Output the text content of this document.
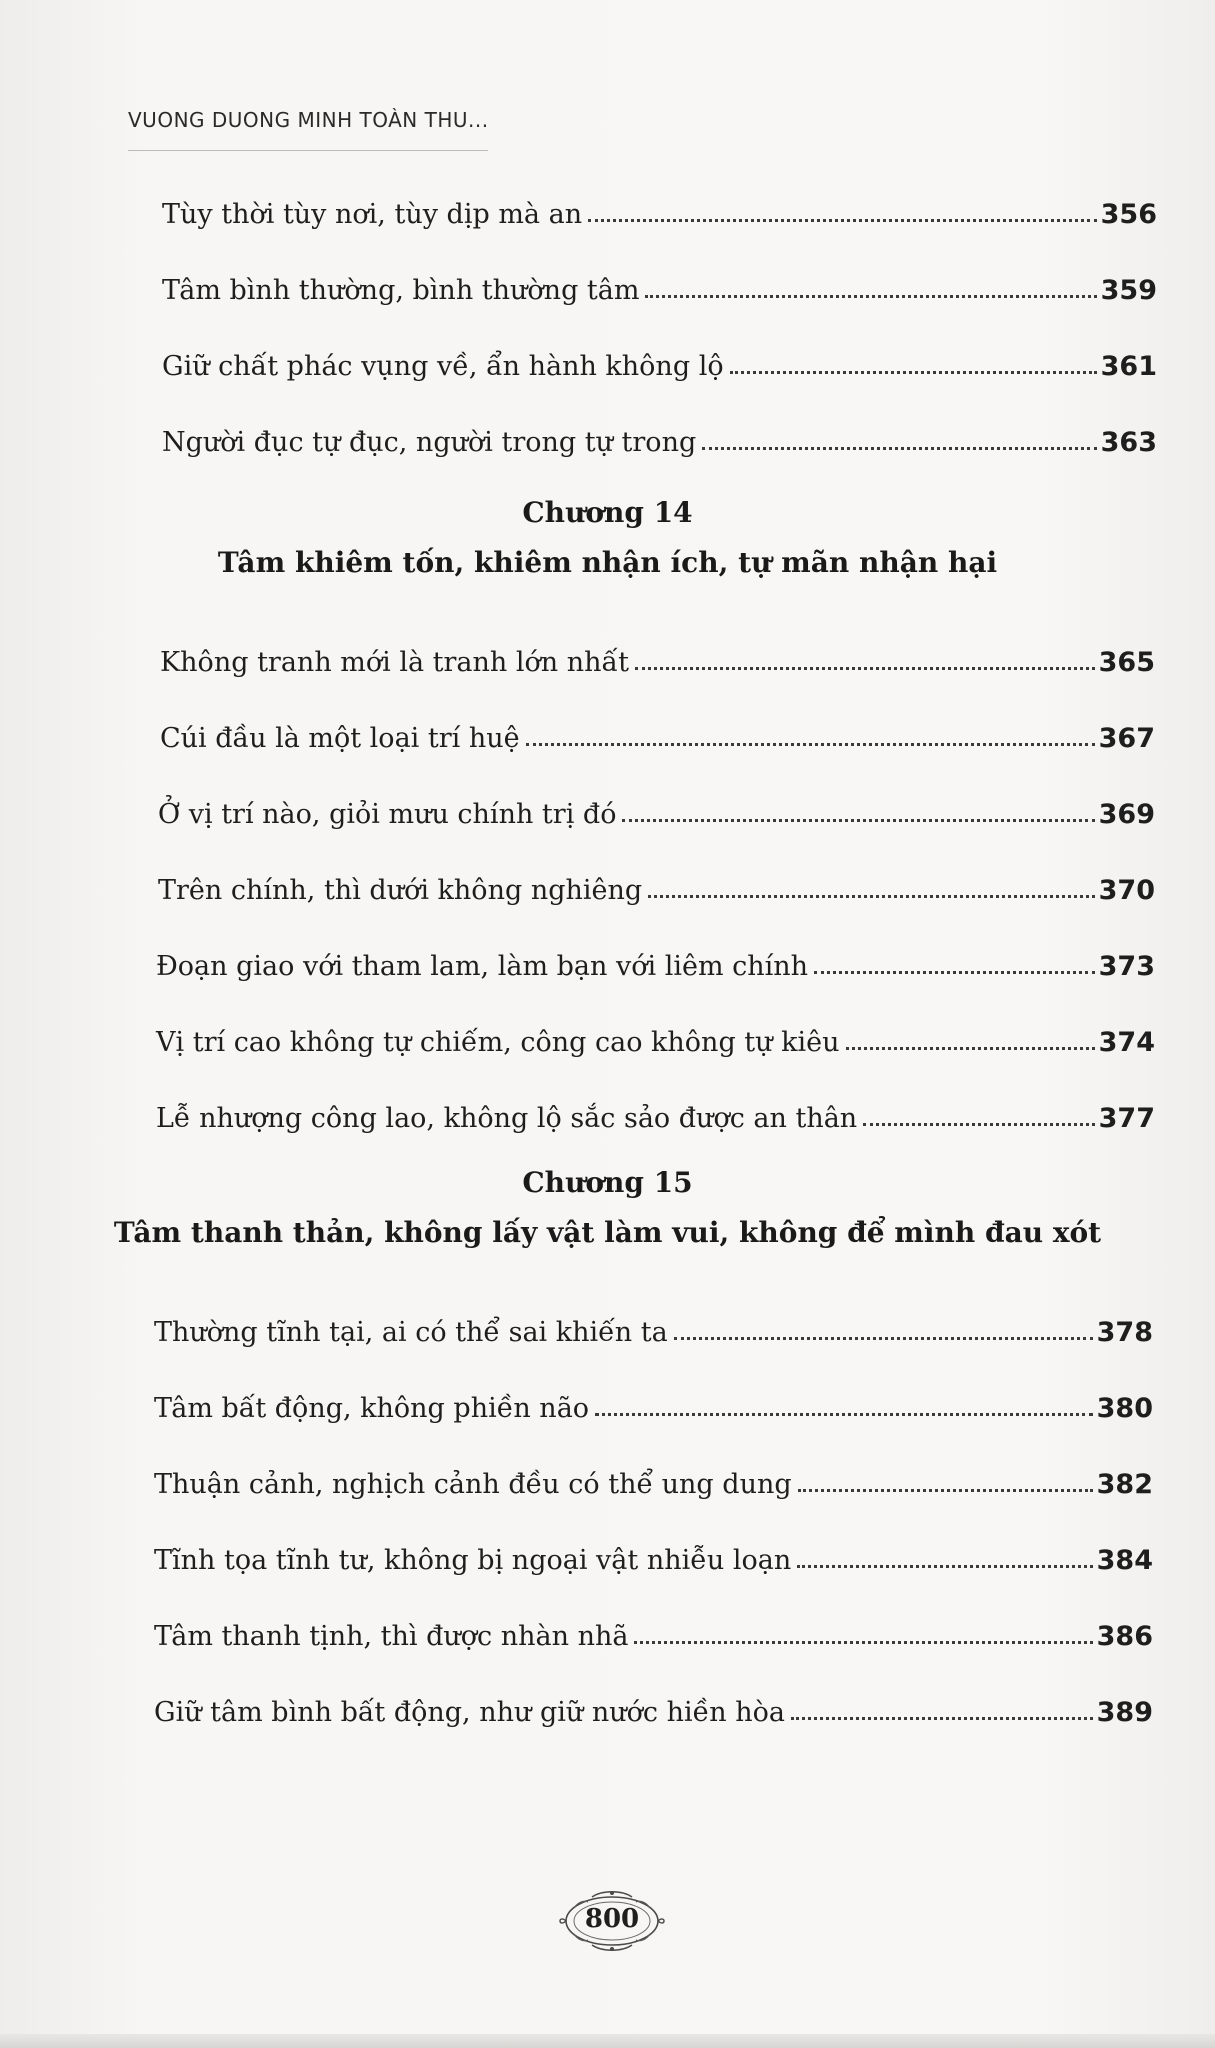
VUONG DUONG MINH TOÀN THU...
Tùy thời tùy nơi, tùy dịp mà an	356
Tâm bình thường, bình thường tâm	359
Giữ chất phác vụng về, ẩn hành không lộ	361
Người đục tự đục, người trong tự trong	363
Chương 14
Tâm khiêm tốn, khiêm nhận ích, tự mãn nhận hại
Không tranh mới là tranh lớn nhất	365
Cúi đầu là một loại trí huệ	367
Ở vị trí nào, giỏi mưu chính trị đó	369
Trên chính, thì dưới không nghiêng	370
Đoạn giao với tham lam, làm bạn với liêm chính	373
Vị trí cao không tự chiếm, công cao không tự kiêu	374
Lễ nhượng công lao, không lộ sắc sảo được an thân	377
Chương 15
Tâm thanh thản, không lấy vật làm vui, không để mình đau xót
Thường tĩnh tại, ai có thể sai khiến ta	378
Tâm bất động, không phiền não	380
Thuận cảnh, nghịch cảnh đều có thể ung dung	382
Tĩnh tọa tĩnh tư, không bị ngoại vật nhiễu loạn	384
Tâm thanh tịnh, thì được nhàn nhã	386
Giữ tâm bình bất động, như giữ nước hiền hòa	389
800
